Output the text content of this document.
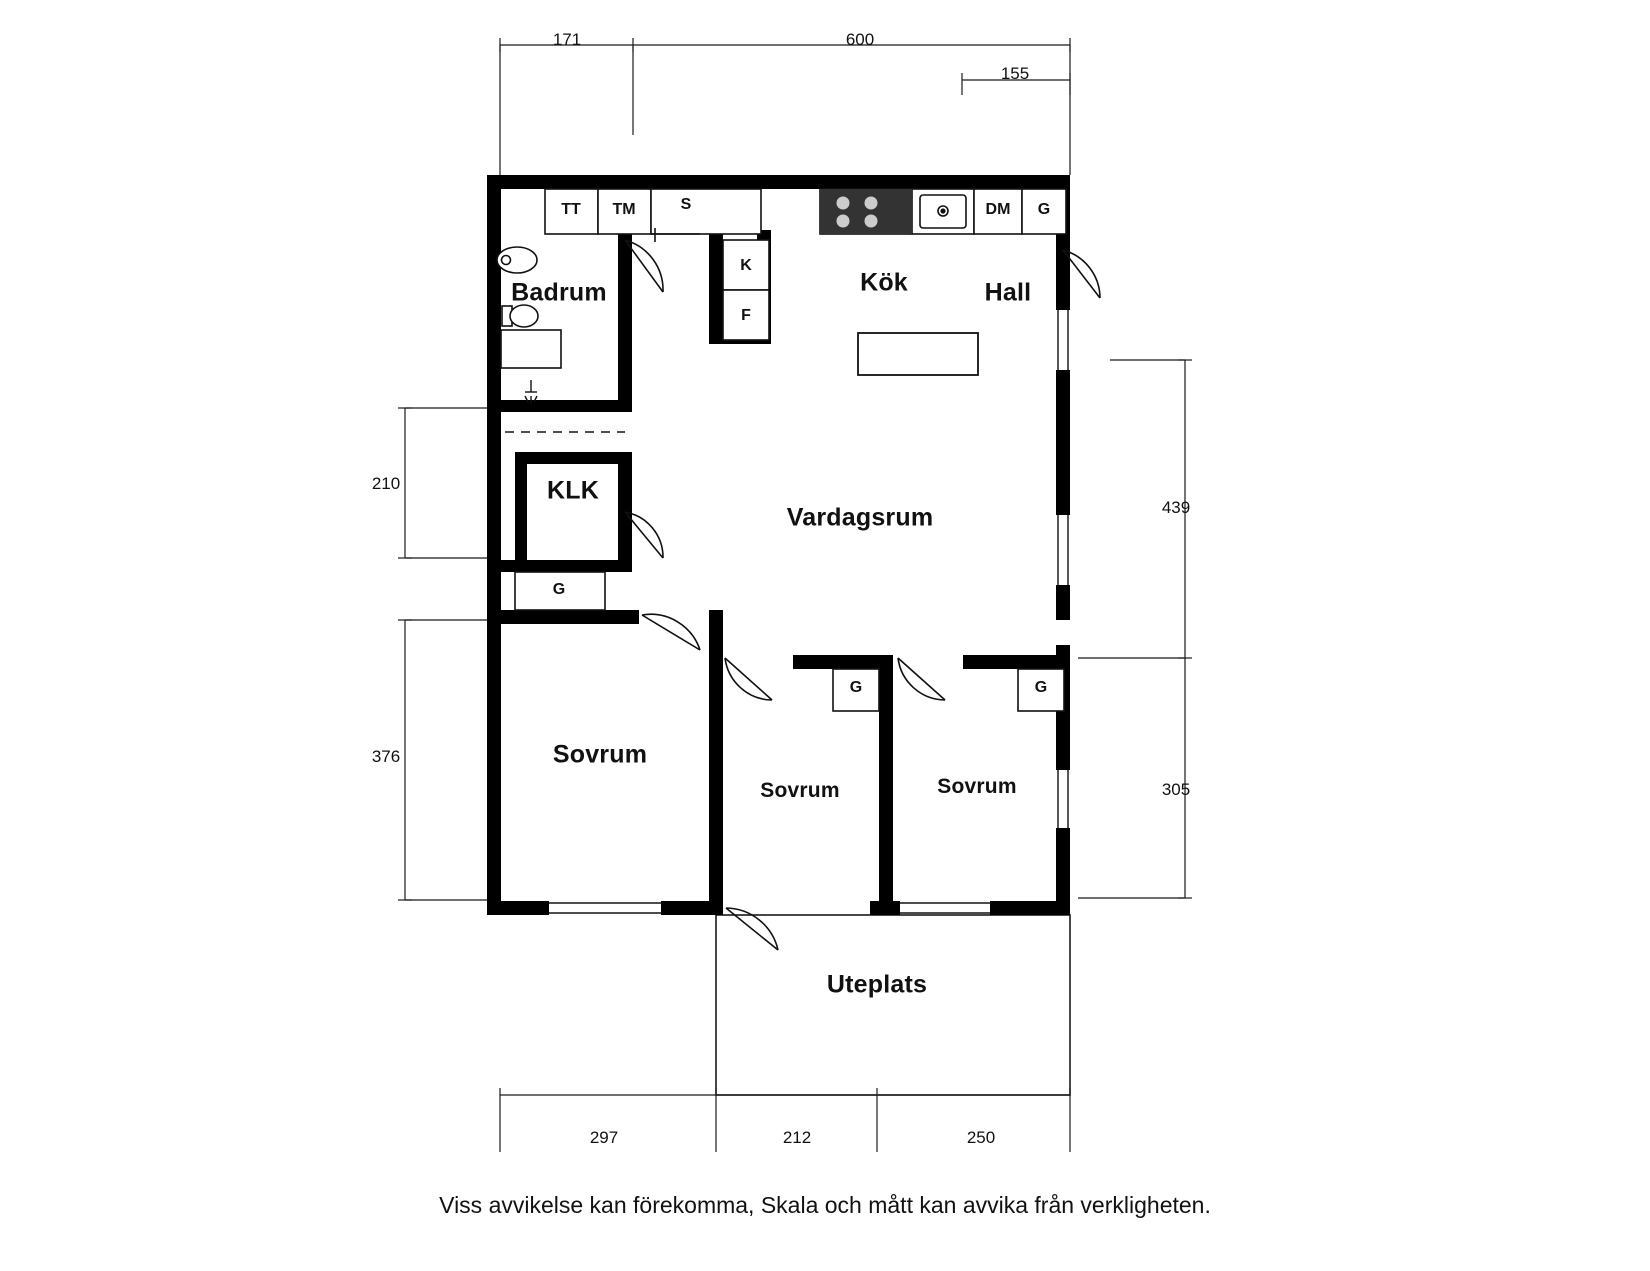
Badrum	Kök	Hall
KLK
Vardagsrum
Sovrum
Sovrum	Sovrum
Uteplats
TT TM	S	DM G
K
F
G
G	G
171	600
155
210
376
439
305
297	212	250
Viss avvikelse kan förekomma, Skala och mått kan avvika från verkligheten.
